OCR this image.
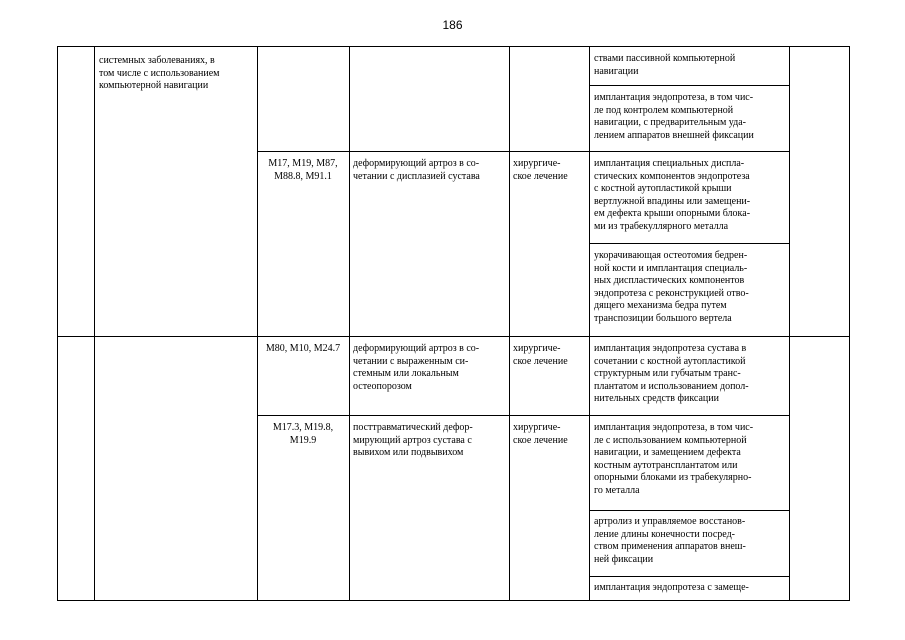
186
системных заболеваниях, в
том числе с использованием
компьютерной навигации
ствами пассивной компьютерной
навигации
имплантация эндопротеза, в том чис-
ле под контролем компьютерной
навигации, с предварительным уда-
лением аппаратов внешней фиксации
M17, M19, M87,
M88.8, M91.1
деформирующий артроз в со-
четании с дисплазией сустава
хирургиче-
ское лечение
имплантация специальных диспла-
стических компонентов эндопротеза
с костной аутопластикой крыши
вертлужной впадины или замещени-
ем дефекта крыши опорными блока-
ми из трабекуллярного металла
укорачивающая остеотомия бедрен-
ной кости и имплантация специаль-
ных диспластических компонентов
эндопротеза с реконструкцией отво-
дящего механизма бедра путем
транспозиции большого вертела
M80, M10, M24.7	деформирующий артроз в со-
четании с выраженным си-
стемным или локальным
остеопорозом
хирургиче-
ское лечение
имплантация эндопротеза сустава в
сочетании с костной аутопластикой
структурным или губчатым транс-
плантатом и использованием допол-
нительных средств фиксации
M17.3, M19.8,
M19.9
посттравматический дефор-
мирующий артроз сустава с
вывихом или подвывихом
хирургиче-
ское лечение
имплантация эндопротеза, в том чис-
ле с использованием компьютерной
навигации, и замещением дефекта
костным аутотрансплантатом или
опорными блоками из трабекулярно-
го металла
артролиз и управляемое восстанов-
ление длины конечности посред-
ством применения аппаратов внеш-
ней фиксации
имплантация эндопротеза с замеще-
